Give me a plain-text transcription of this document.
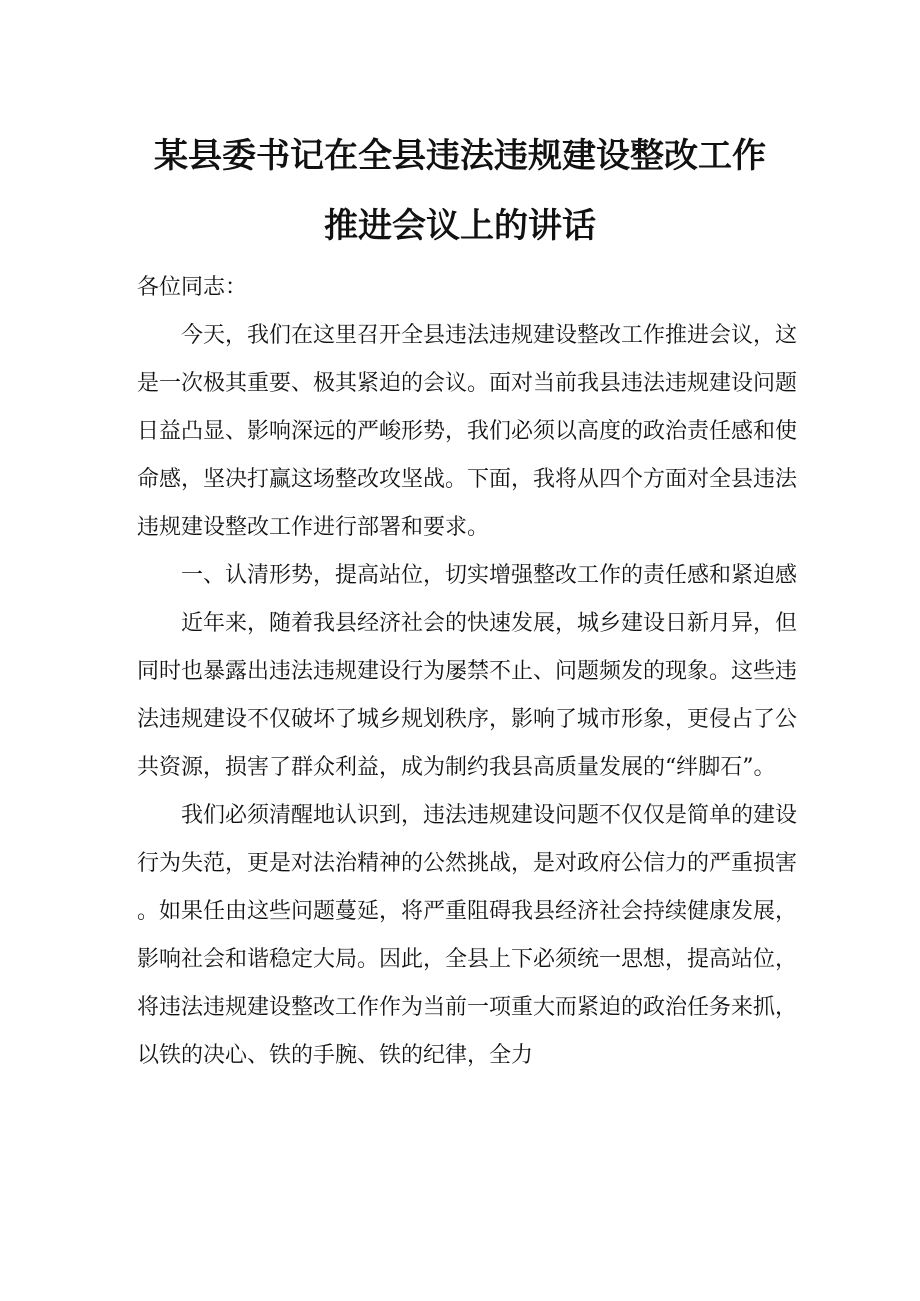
某县委书记在全县违法违规建设整改工作
推进会议上的讲话

各位同志：

今天，我们在这里召开全县违法违规建设整改工作推进会议，这是一次极其重要、极其紧迫的会议。面对当前我县违法违规建设问题日益凸显、影响深远的严峻形势，我们必须以高度的政治责任感和使命感，坚决打赢这场整改攻坚战。下面，我将从四个方面对全县违法违规建设整改工作进行部署和要求。

一、认清形势，提高站位，切实增强整改工作的责任感和紧迫感

近年来，随着我县经济社会的快速发展，城乡建设日新月异，但同时也暴露出违法违规建设行为屡禁不止、问题频发的现象。这些违法违规建设不仅破坏了城乡规划秩序，影响了城市形象，更侵占了公共资源，损害了群众利益，成为制约我县高质量发展的“绊脚石”。

我们必须清醒地认识到，违法违规建设问题不仅仅是简单的建设行为失范，更是对法治精神的公然挑战，是对政府公信力的严重损害。如果任由这些问题蔓延，将严重阻碍我县经济社会持续健康发展，影响社会和谐稳定大局。因此，全县上下必须统一思想，提高站位，将违法违规建设整改工作作为当前一项重大而紧迫的政治任务来抓，以铁的决心、铁的手腕、铁的纪律，全力
